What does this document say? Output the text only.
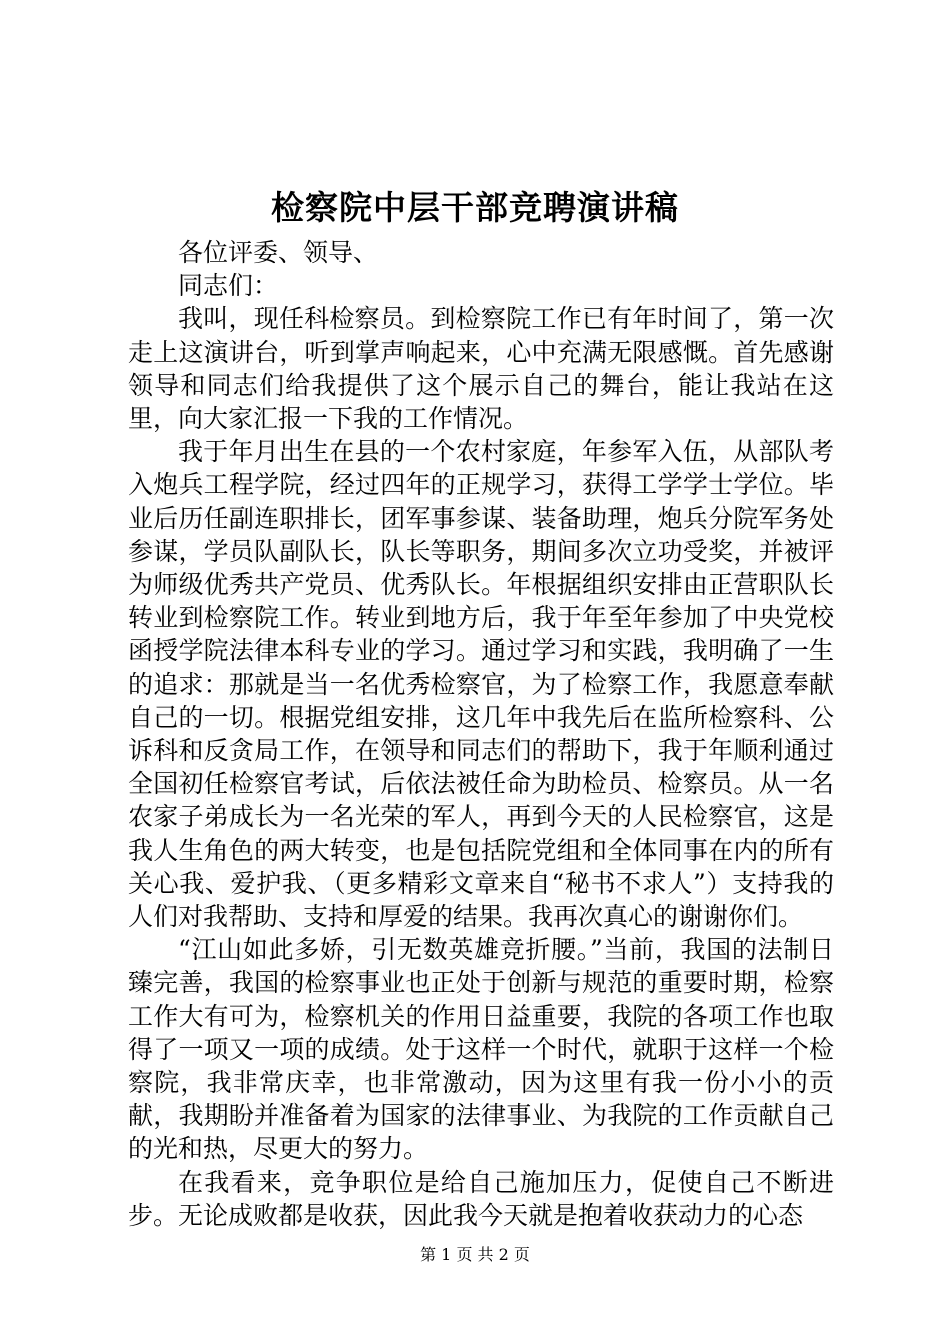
检察院中层干部竞聘演讲稿

各位评委、领导、

同志们：

我叫，现任科检察员。到检察院工作已有年时间了，第一次走上这演讲台，听到掌声响起来，心中充满无限感慨。首先感谢领导和同志们给我提供了这个展示自己的舞台，能让我站在这里，向大家汇报一下我的工作情况。

我于年月出生在县的一个农村家庭，年参军入伍，从部队考入炮兵工程学院，经过四年的正规学习，获得工学学士学位。毕业后历任副连职排长，团军事参谋、装备助理，炮兵分院军务处参谋，学员队副队长，队长等职务，期间多次立功受奖，并被评为师级优秀共产党员、优秀队长。年根据组织安排由正营职队长转业到检察院工作。转业到地方后，我于年至年参加了中央党校函授学院法律本科专业的学习。通过学习和实践，我明确了一生的追求：那就是当一名优秀检察官，为了检察工作，我愿意奉献自己的一切。根据党组安排，这几年中我先后在监所检察科、公诉科和反贪局工作，在领导和同志们的帮助下，我于年顺利通过全国初任检察官考试，后依法被任命为助检员、检察员。从一名农家子弟成长为一名光荣的军人，再到今天的人民检察官，这是我人生角色的两大转变，也是包括院党组和全体同事在内的所有关心我、爱护我、（更多精彩文章来自“秘书不求人”）支持我的人们对我帮助、支持和厚爱的结果。我再次真心的谢谢你们。

“江山如此多娇，引无数英雄竞折腰。”当前，我国的法制日臻完善，我国的检察事业也正处于创新与规范的重要时期，检察工作大有可为，检察机关的作用日益重要，我院的各项工作也取得了一项又一项的成绩。处于这样一个时代，就职于这样一个检察院，我非常庆幸，也非常激动，因为这里有我一份小小的贡献，我期盼并准备着为国家的法律事业、为我院的工作贡献自己的光和热，尽更大的努力。

在我看来，竞争职位是给自己施加压力，促使自己不断进步。无论成败都是收获，因此我今天就是抱着收获动力的心态

第 1 页 共 2 页
